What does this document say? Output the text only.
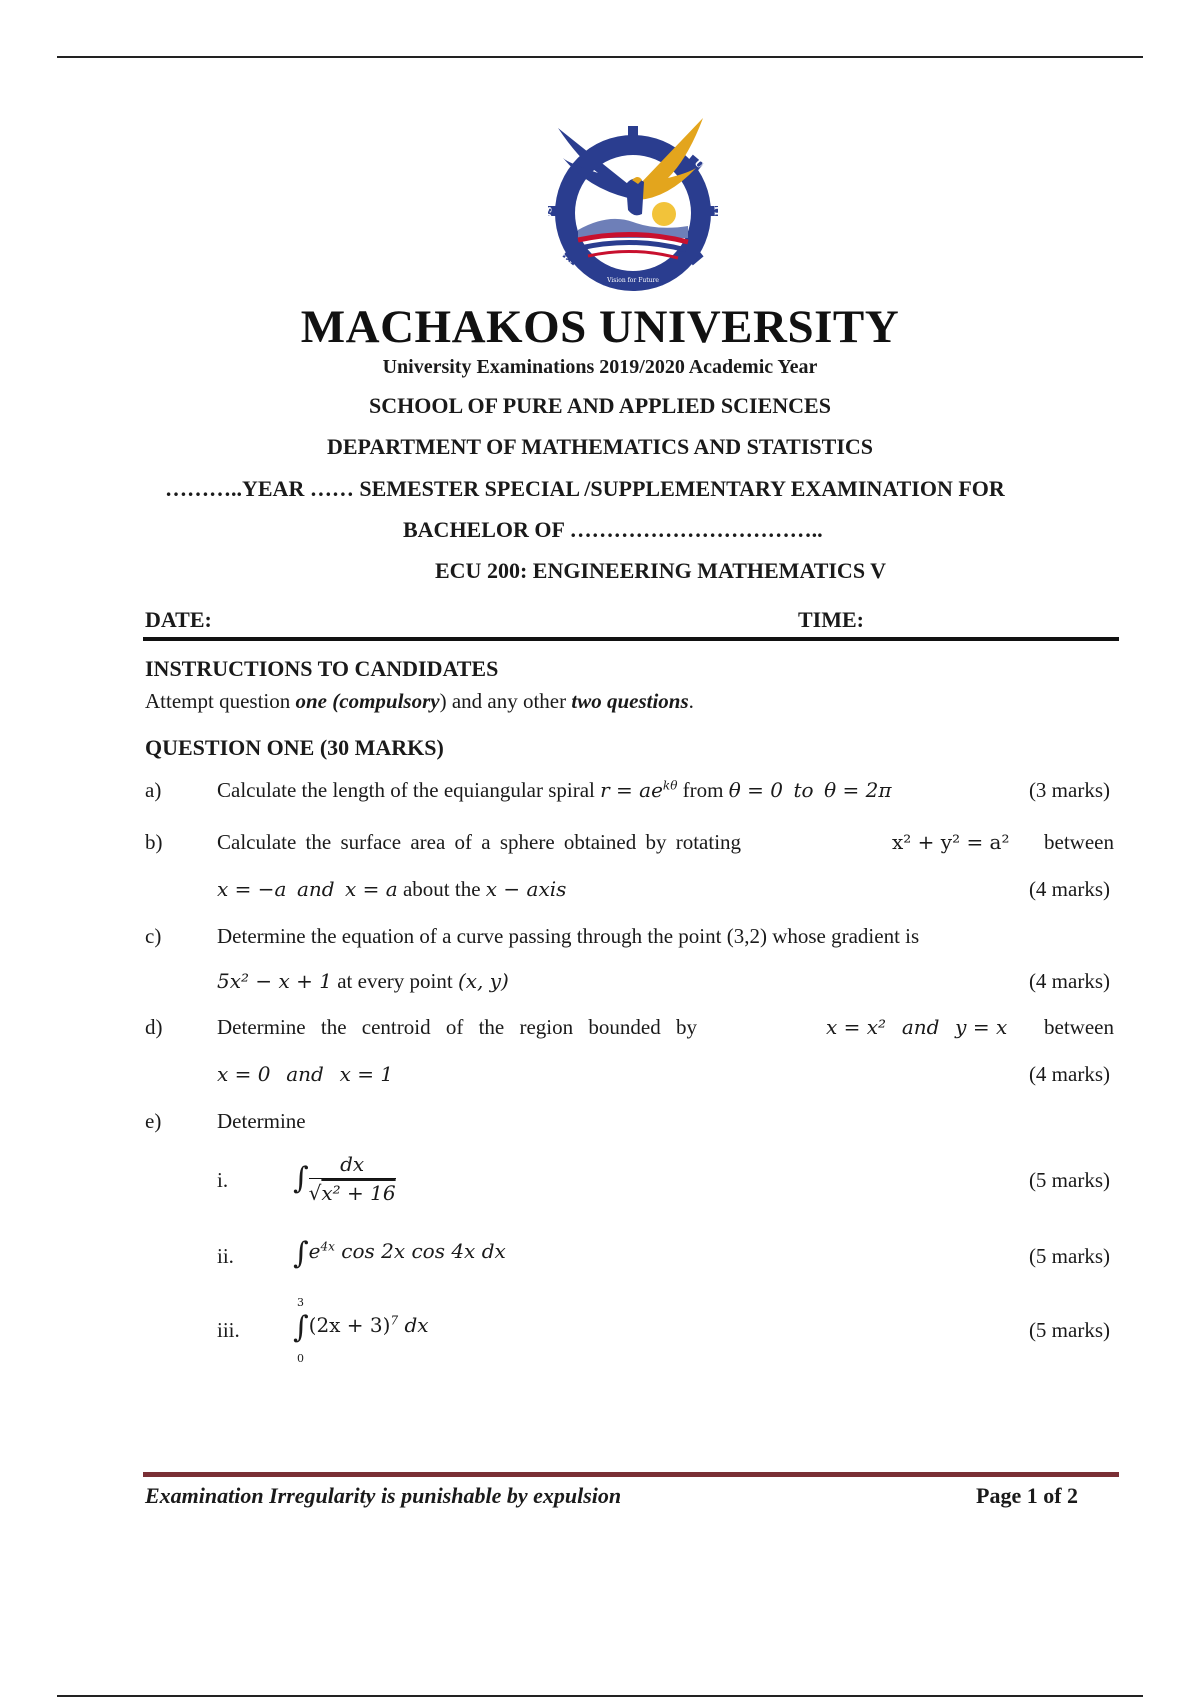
MACHAKOS
UNIVERSITY
Vision for Future
MACHAKOS UNIVERSITY
University Examinations 2019/2020 Academic Year
SCHOOL OF PURE AND APPLIED SCIENCES
DEPARTMENT OF MATHEMATICS AND STATISTICS
………..YEAR …… SEMESTER SPECIAL /SUPPLEMENTARY EXAMINATION FOR
BACHELOR OF ……………………………..
ECU 200: ENGINEERING MATHEMATICS V
DATE:	TIME:
INSTRUCTIONS TO CANDIDATES
Attempt question one (compulsory) and any other two questions.
QUESTION ONE (30 MARKS)
a)	Calculate the length of the equiangular spiral $r = ae^{k\theta}$ from θ = 0 to θ = 2π	(3 marks)
b)	Calculate the surface area of a sphere obtained by rotating	x² + y² = a² between
x = −a and x = a about the x − axis	(4 marks)
c)	Determine the equation of a curve passing through the point (3,2) whose gradient is
5x² − x + 1 at every point (x, y)	(4 marks)
d)	Determine the centroid of the region bounded by	x = x² and y = x between
x = 0 and x = 1	(4 marks)
e)	Determine
i. ∫ $\frac{dx}{\text{√x² + 16}}$	(5 marks)
ii. $\int e^{4x}$ cos 2x cos 4x dx	(5 marks)
iii.
3
$\int(2x + 3)^7$ dx
0
(5 marks)
Examination Irregularity is punishable by expulsion	Page 1 of 2
